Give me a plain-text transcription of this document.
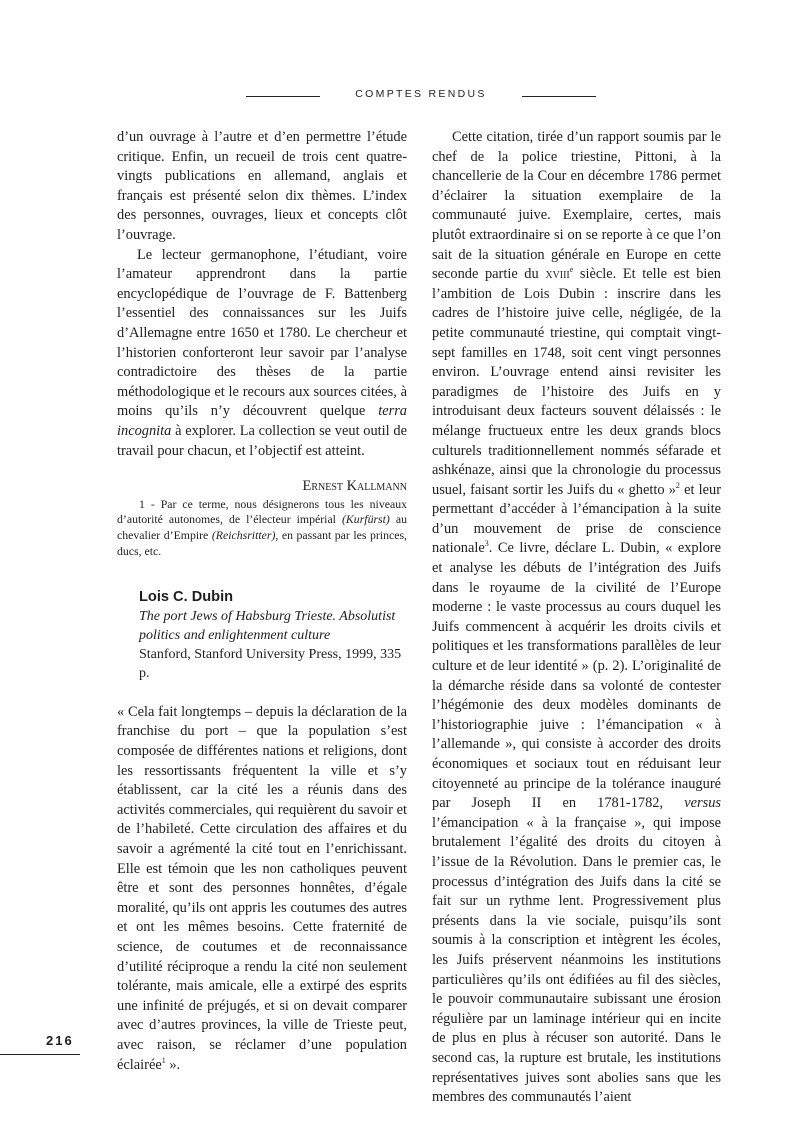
COMPTES RENDUS

d’un ouvrage à l’autre et d’en permettre l’étude critique. Enfin, un recueil de trois cent quatre-vingts publications en allemand, anglais et français est présenté selon dix thèmes. L’index des personnes, ouvrages, lieux et concepts clôt l’ouvrage.

Le lecteur germanophone, l’étudiant, voire l’amateur apprendront dans la partie encyclopédique de l’ouvrage de F. Battenberg l’essentiel des connaissances sur les Juifs d’Allemagne entre 1650 et 1780. Le chercheur et l’historien conforteront leur savoir par l’analyse contradictoire des thèses de la partie méthodologique et le recours aux sources citées, à moins qu’ils n’y découvrent quelque terra incognita à explorer. La collection se veut outil de travail pour chacun, et l’objectif est atteint.

Ernest Kallmann

1 - Par ce terme, nous désignerons tous les niveaux d’autorité autonomes, de l’électeur impérial (Kurfürst) au chevalier d’Empire (Reichsritter), en passant par les princes, ducs, etc.

Lois C. Dubin
The port Jews of Habsburg Trieste. Absolutist politics and enlightenment culture
Stanford, Stanford University Press, 1999, 335 p.

« Cela fait longtemps – depuis la déclaration de la franchise du port – que la population s’est composée de différentes nations et religions, dont les ressortissants fréquentent la ville et s’y établissent, car la cité les a réunis dans des activités commerciales, qui requièrent du savoir et de l’habileté. Cette circulation des affaires et du savoir a agrémenté la cité tout en l’enrichissant. Elle est témoin que les non catholiques peuvent être et sont des personnes honnêtes, d’égale moralité, qu’ils ont appris les coutumes des autres et ont les mêmes besoins. Cette fraternité de science, de coutumes et de reconnaissance d’utilité réciproque a rendu la cité non seulement tolérante, mais amicale, elle a extirpé des esprits une infinité de préjugés, et si on devait comparer avec d’autres provinces, la ville de Trieste peut, avec raison, se réclamer d’une population éclairée$^1$ ».

Cette citation, tirée d’un rapport soumis par le chef de la police triestine, Pittoni, à la chancellerie de la Cour en décembre 1786 permet d’éclairer la situation exemplaire de la communauté juive. Exemplaire, certes, mais plutôt extraordinaire si on se reporte à ce que l’on sait de la situation générale en Europe en cette seconde partie du xviii$^e$ siècle. Et telle est bien l’ambition de Lois Dubin : inscrire dans les cadres de l’histoire juive celle, négligée, de la petite communauté triestine, qui comptait vingt-sept familles en 1748, soit cent vingt personnes environ. L’ouvrage entend ainsi revisiter les paradigmes de l’histoire des Juifs en y introduisant deux facteurs souvent délaissés : le mélange fructueux entre les deux grands blocs culturels traditionnellement nommés séfarade et ashkénaze, ainsi que la chronologie du processus usuel, faisant sortir les Juifs du « ghetto »$^2$ et leur permettant d’accéder à l’émancipation à la suite d’un mouvement de prise de conscience nationale$^3$. Ce livre, déclare L. Dubin, « explore et analyse les débuts de l’intégration des Juifs dans le royaume de la civilité de l’Europe moderne : le vaste processus au cours duquel les Juifs commencent à acquérir les droits civils et politiques et les transformations parallèles de leur culture et de leur identité » (p. 2). L’originalité de la démarche réside dans sa volonté de contester l’hégémonie des deux modèles dominants de l’historiographie juive : l’émancipation « à l’allemande », qui consiste à accorder des droits économiques et sociaux tout en réduisant leur citoyenneté au principe de la tolérance inauguré par Joseph II en 1781-1782, versus l’émancipation « à la française », qui impose brutalement l’égalité des droits du citoyen à l’issue de la Révolution. Dans le premier cas, le processus d’intégration des Juifs dans la cité se fait sur un rythme lent. Progressivement plus présents dans la vie sociale, puisqu’ils sont soumis à la conscription et intègrent les écoles, les Juifs préservent néanmoins les institutions particulières qu’ils ont édifiées au fil des siècles, le pouvoir communautaire subissant une érosion régulière par un laminage intérieur qui en incite de plus en plus à récuser son autorité. Dans le second cas, la rupture est brutale, les institutions représentatives juives sont abolies sans que les membres des communautés l’aient

216
